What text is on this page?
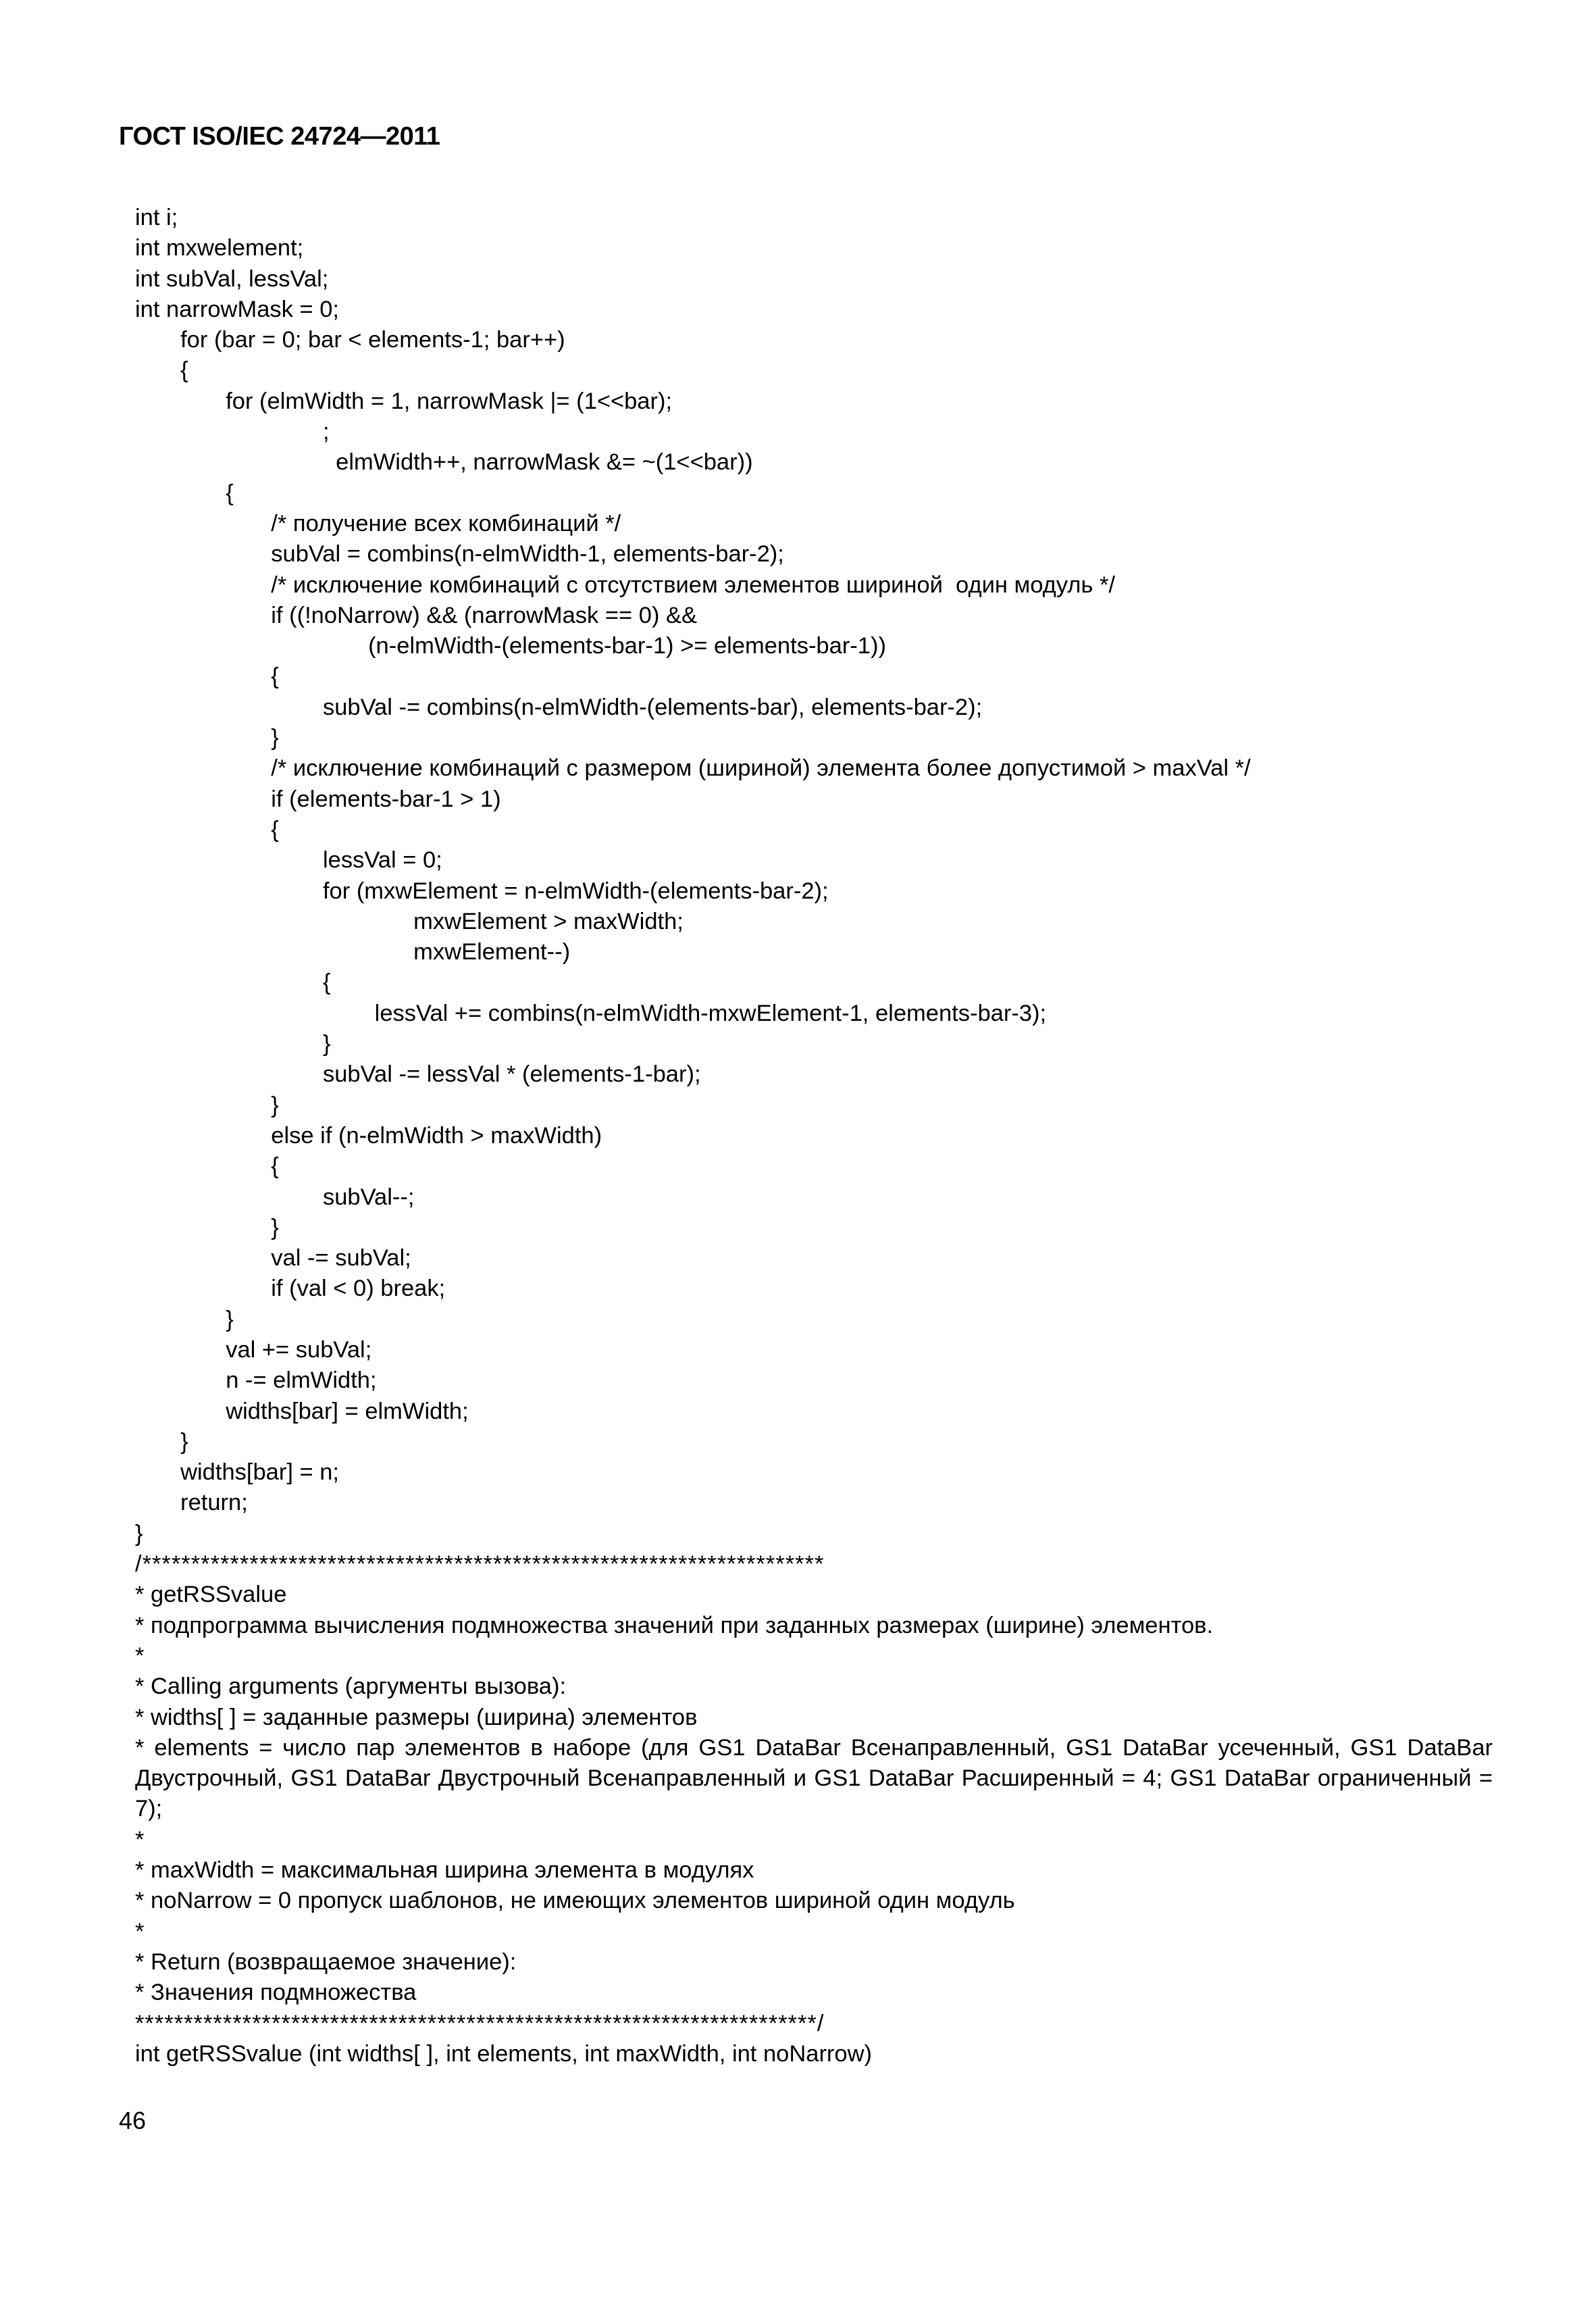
ГОСТ ISO/IEC 24724—2011
int i;
int mxwelement;
int subVal, lessVal;
int narrowMask = 0;
for (bar = 0; bar < elements-1; bar++)
{
for (elmWidth = 1, narrowMask |= (1<<bar);
;
elmWidth++, narrowMask &= ~(1<<bar))
{
/* получение всех комбинаций */
subVal = combins(n-elmWidth-1, elements-bar-2);
/* исключение комбинаций с отсутствием элементов шириной  один модуль */
if ((!noNarrow) && (narrowMask == 0) &&
(n-elmWidth-(elements-bar-1) >= elements-bar-1))
{
subVal -= combins(n-elmWidth-(elements-bar), elements-bar-2);
}
/* исключение комбинаций с размером (шириной) элемента более допустимой > maxVal */
if (elements-bar-1 > 1)
{
lessVal = 0;
for (mxwElement = n-elmWidth-(elements-bar-2);
mxwElement > maxWidth;
mxwElement--)
{
lessVal += combins(n-elmWidth-mxwElement-1, elements-bar-3);
}
subVal -= lessVal * (elements-1-bar);
}
else if (n-elmWidth > maxWidth)
{
subVal--;
}
val -= subVal;
if (val < 0) break;
}
val += subVal;
n -= elmWidth;
widths[bar] = elmWidth;
}
widths[bar] = n;
return;
}
/**********************************************************************
* getRSSvalue
* подпрограмма вычисления подмножества значений при заданных размерах (ширине) элементов.
*
* Calling arguments (аргументы вызова):
* widths[ ] = заданные размеры (ширина) элементов
* elements = число пар элементов в наборе (для GS1 DataBar Всенаправленный, GS1 DataBar усеченный, GS1 DataBar Двустрочный, GS1 DataBar Двустрочный Всенаправленный и GS1 DataBar Расширенный = 4; GS1 DataBar ограниченный = 7);
*
* maxWidth = максимальная ширина элемента в модулях
* noNarrow = 0 пропуск шаблонов, не имеющих элементов шириной один модуль
*
* Return (возвращаемое значение):
* Значения подмножества
**********************************************************************/
int getRSSvalue (int widths[ ], int elements, int maxWidth, int noNarrow)
46
